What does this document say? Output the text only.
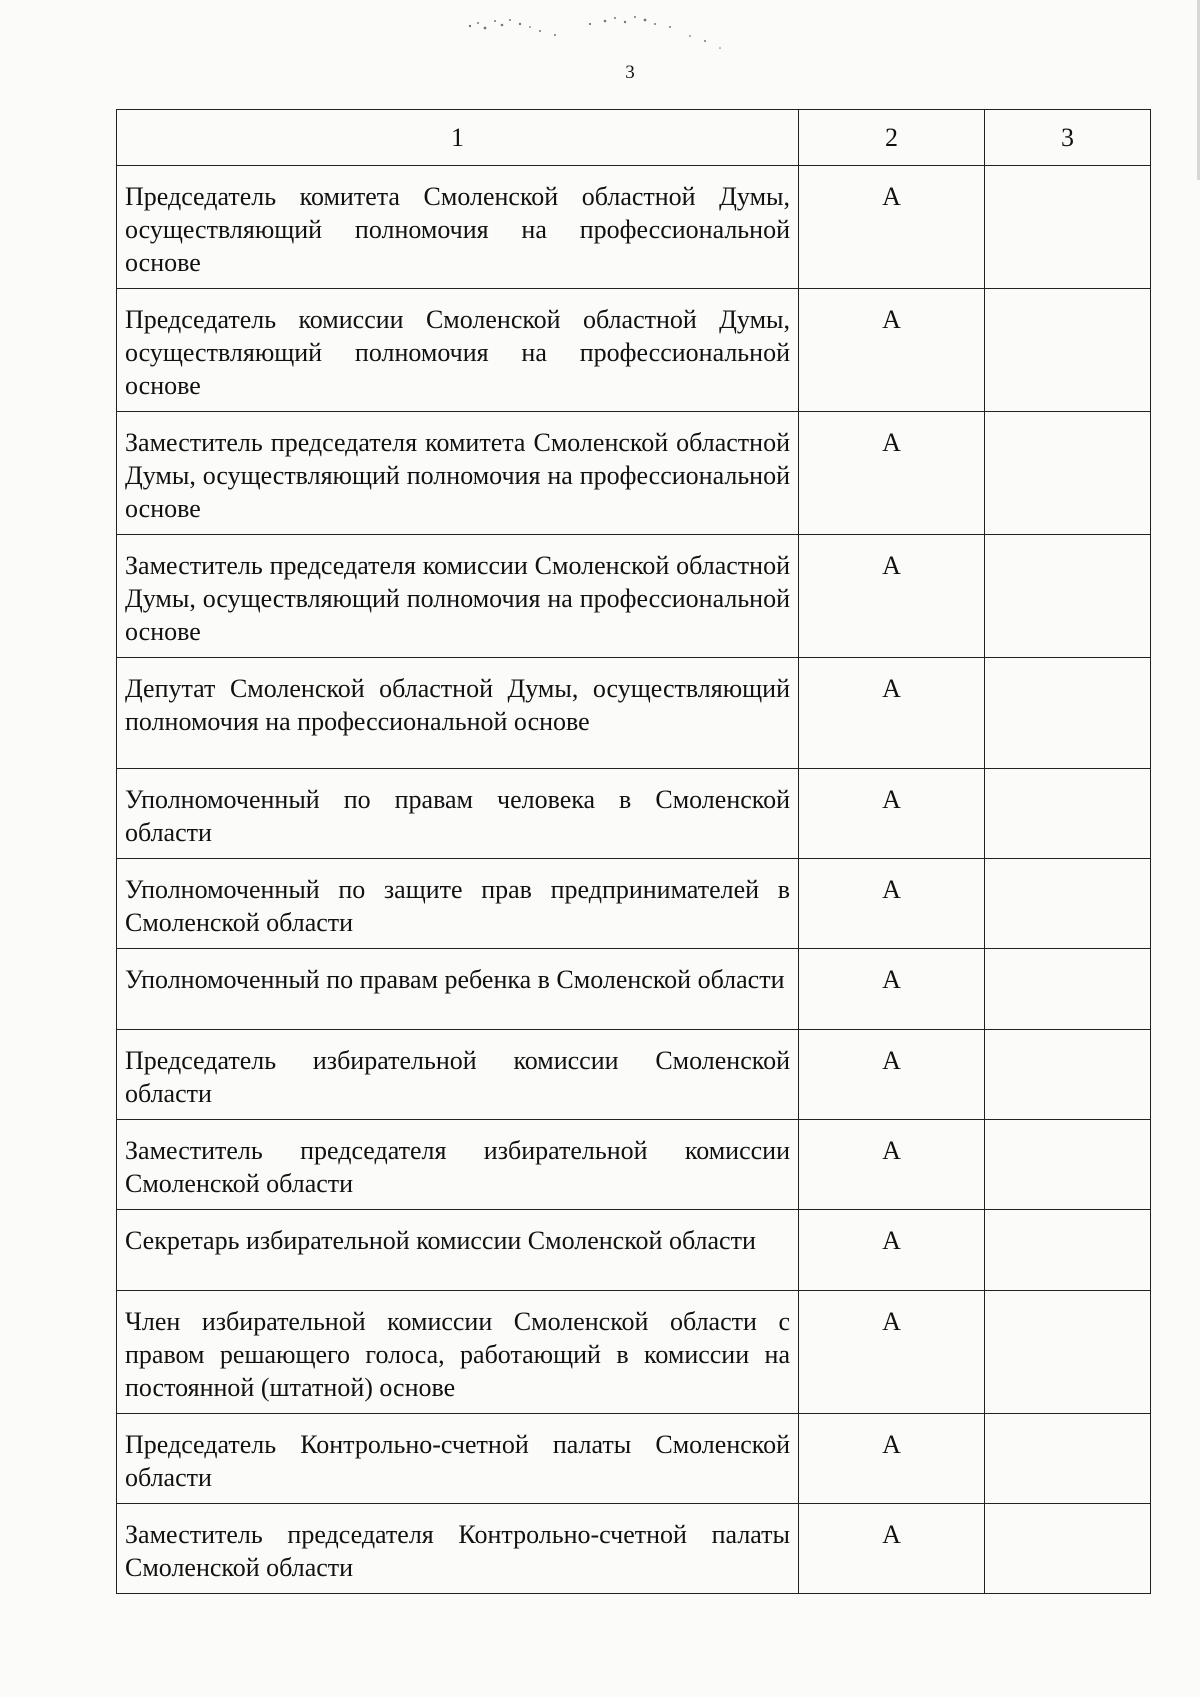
3
1	2	3
Председатель комитета Смоленской областной Думы, осуществляющий полномочия на профессиональной основе	А	
Председатель комиссии Смоленской областной Думы, осуществляющий полномочия на профессиональной основе	А	
Заместитель председателя комитета Смоленской областной Думы, осуществляющий полномочия на профессиональной основе	А	
Заместитель председателя комиссии Смоленской областной Думы, осуществляющий полномочия на профессиональной основе	А	
Депутат Смоленской областной Думы, осуществляющий полномочия на профессиональной основе	А	
Уполномоченный по правам человека в Смоленской области	А	
Уполномоченный по защите прав предпринимателей в Смоленской области	А	
Уполномоченный по правам ребенка в Смоленской области	А	
Председатель избирательной комиссии Смоленской области	А	
Заместитель председателя избирательной комиссии Смоленской области	А	
Секретарь избирательной комиссии Смоленской области	А	
Член избирательной комиссии Смоленской области с правом решающего голоса, работающий в комиссии на постоянной (штатной) основе	А	
Председатель Контрольно-счетной палаты Смоленской области	А	
Заместитель председателя Контрольно-счетной палаты Смоленской области	А	
